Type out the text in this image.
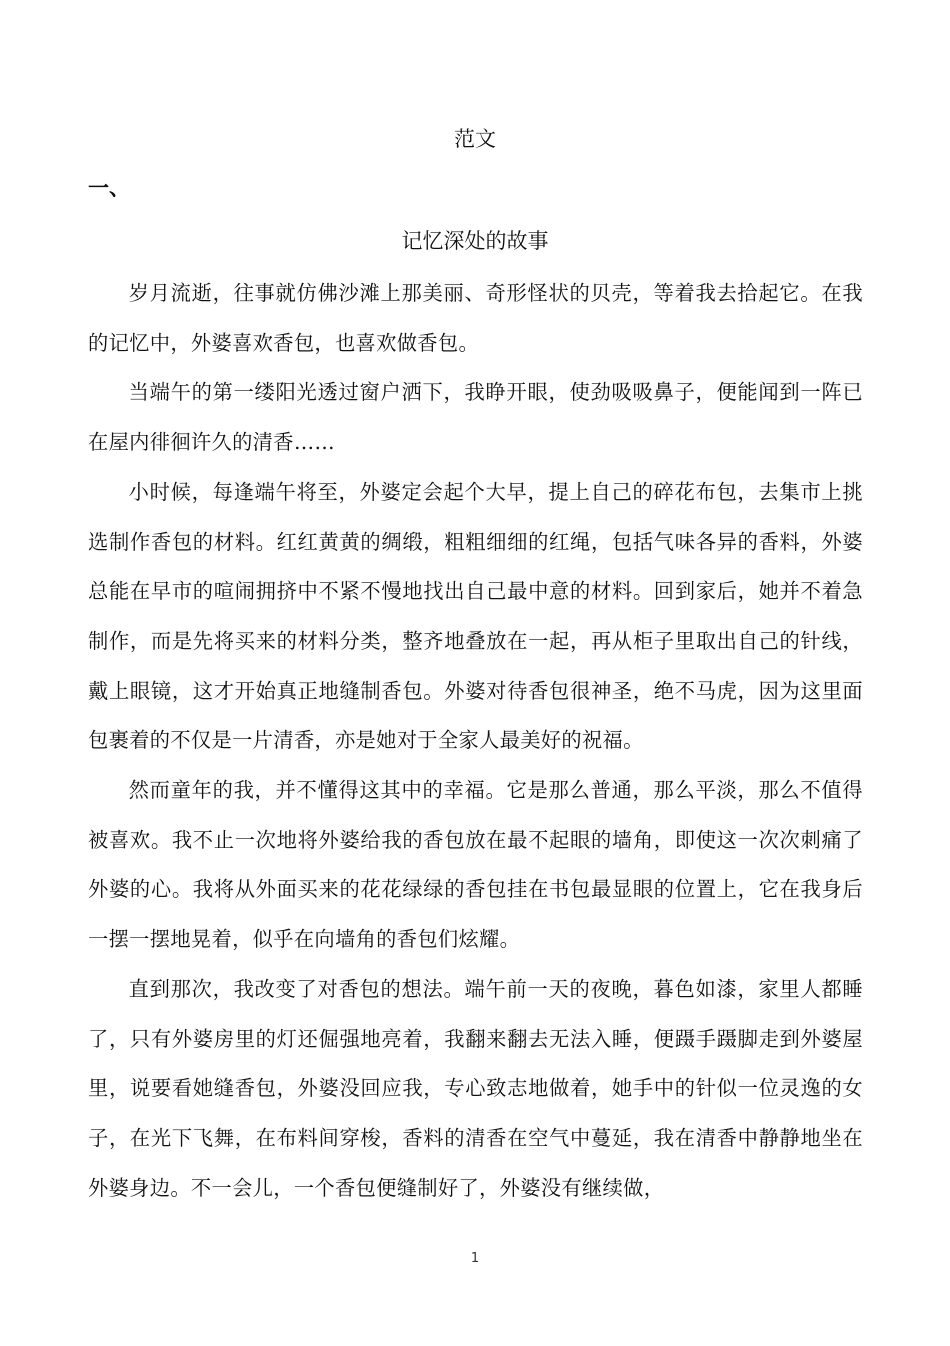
范文
一、
记忆深处的故事

岁月流逝，往事就仿佛沙滩上那美丽、奇形怪状的贝壳，等着我去拾起它。在我的记忆中，外婆喜欢香包，也喜欢做香包。

当端午的第一缕阳光透过窗户洒下，我睁开眼，使劲吸吸鼻子，便能闻到一阵已在屋内徘徊许久的清香……

小时候，每逢端午将至，外婆定会起个大早，提上自己的碎花布包，去集市上挑选制作香包的材料。红红黄黄的绸缎，粗粗细细的红绳，包括气味各异的香料，外婆总能在早市的喧闹拥挤中不紧不慢地找出自己最中意的材料。回到家后，她并不着急制作，而是先将买来的材料分类，整齐地叠放在一起，再从柜子里取出自己的针线，戴上眼镜，这才开始真正地缝制香包。外婆对待香包很神圣，绝不马虎，因为这里面包裹着的不仅是一片清香，亦是她对于全家人最美好的祝福。

然而童年的我，并不懂得这其中的幸福。它是那么普通，那么平淡，那么不值得被喜欢。我不止一次地将外婆给我的香包放在最不起眼的墙角，即使这一次次刺痛了外婆的心。我将从外面买来的花花绿绿的香包挂在书包最显眼的位置上，它在我身后一摆一摆地晃着，似乎在向墙角的香包们炫耀。

直到那次，我改变了对香包的想法。端午前一天的夜晚，暮色如漆，家里人都睡了，只有外婆房里的灯还倔强地亮着，我翻来翻去无法入睡，便蹑手蹑脚走到外婆屋里，说要看她缝香包，外婆没回应我，专心致志地做着，她手中的针似一位灵逸的女子，在光下飞舞，在布料间穿梭，香料的清香在空气中蔓延，我在清香中静静地坐在外婆身边。不一会儿，一个香包便缝制好了，外婆没有继续做，

1
